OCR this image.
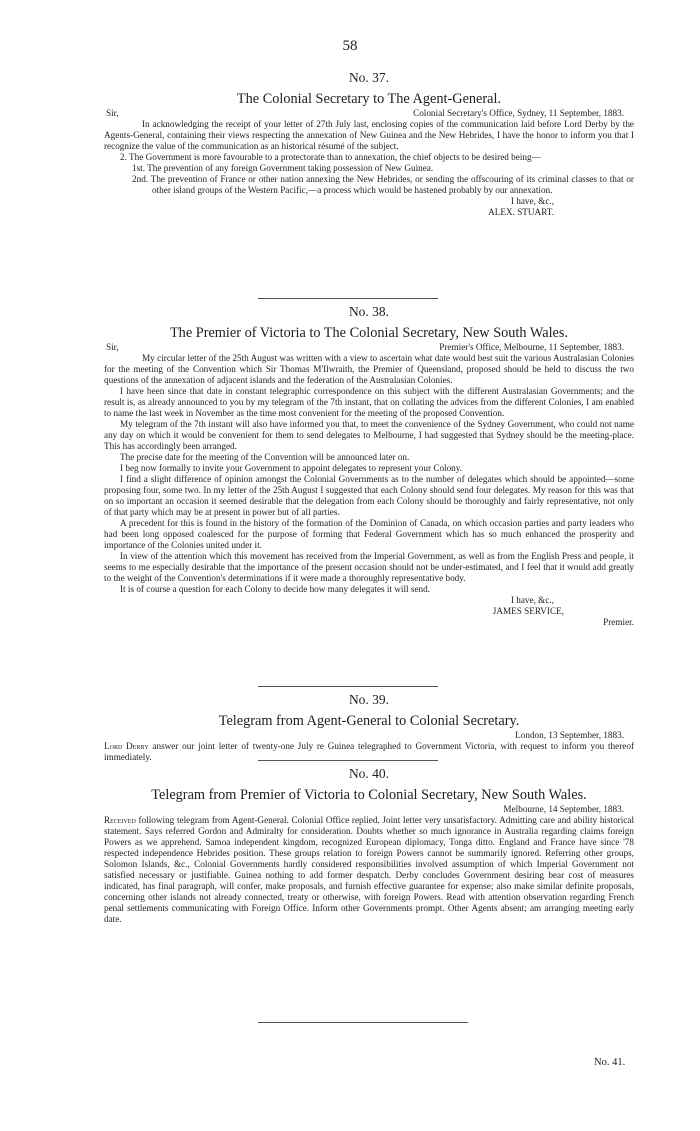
58
No. 37.
The Colonial Secretary to The Agent-General.
Sir,	Colonial Secretary's Office, Sydney, 11 September, 1883.

In acknowledging the receipt of your letter of 27th July last, enclosing copies of the communication laid before Lord Derby by the Agents-General, containing their views respecting the annexation of New Guinea and the New Hebrides, I have the honor to inform you that I recognize the value of the communication as an historical résumé of the subject.

2. The Government is more favourable to a protectorate than to annexation, the chief objects to be desired being—

1st. The prevention of any foreign Government taking possession of New Guinea.

2nd. The prevention of France or other nation annexing the New Hebrides, or sending the offscouring of its criminal classes to that or other island groups of the Western Pacific,—a process which would be hastened probably by our annexation.

I have, &c.,

ALEX. STUART.

No. 38.
The Premier of Victoria to The Colonial Secretary, New South Wales.
Sir,	Premier's Office, Melbourne, 11 September, 1883.

My circular letter of the 25th August was written with a view to ascertain what date would best suit the various Australasian Colonies for the meeting of the Convention which Sir Thomas M'Ilwraith, the Premier of Queensland, proposed should be held to discuss the two questions of the annexation of adjacent islands and the federation of the Australasian Colonies.

I have been since that date in constant telegraphic correspondence on this subject with the different Australasian Governments; and the result is, as already announced to you by my telegram of the 7th instant, that on collating the advices from the different Colonies, I am enabled to name the last week in November as the time most convenient for the meeting of the proposed Convention.

My telegram of the 7th instant will also have informed you that, to meet the convenience of the Sydney Government, who could not name any day on which it would be convenient for them to send delegates to Melbourne, I had suggested that Sydney should be the meeting-place. This has accordingly been arranged.

The precise date for the meeting of the Convention will be announced later on.

I beg now formally to invite your Government to appoint delegates to represent your Colony.

I find a slight difference of opinion amongst the Colonial Governments as to the number of delegates which should be appointed—some proposing four, some two. In my letter of the 25th August I suggested that each Colony should send four delegates. My reason for this was that on so important an occasion it seemed desirable that the delegation from each Colony should be thoroughly and fairly representative, not only of that party which may be at present in power but of all parties.

A precedent for this is found in the history of the formation of the Dominion of Canada, on which occasion parties and party leaders who had been long opposed coalesced for the purpose of forming that Federal Government which has so much enhanced the prosperity and importance of the Colonies united under it.

In view of the attention which this movement has received from the Imperial Government, as well as from the English Press and people, it seems to me especially desirable that the importance of the present occasion should not be under-estimated, and I feel that it would add greatly to the weight of the Convention's determinations if it were made a thoroughly representative body.

It is of course a question for each Colony to decide how many delegates it will send.

I have, &c.,

JAMES SERVICE,

Premier.

No. 39.
Telegram from Agent-General to Colonial Secretary.
London, 13 September, 1883.

Lord Derby answer our joint letter of twenty-one July re Guinea telegraphed to Government Victoria, with request to inform you thereof immediately.

No. 40.
Telegram from Premier of Victoria to Colonial Secretary, New South Wales.
Melbourne, 14 September, 1883.

Received following telegram from Agent-General. Colonial Office replied. Joint letter very unsatisfactory. Admitting care and ability historical statement. Says referred Gordon and Admiralty for consideration. Doubts whether so much ignorance in Australia regarding claims foreign Powers as we apprehend. Samoa independent kingdom, recognized European diplomacy, Tonga ditto. England and France have since '78 respected independence Hebrides position. These groups relation to foreign Powers cannot be summarily ignored. Referring other groups, Solomon Islands, &c., Colonial Governments hardly considered responsibilities involved assumption of which Imperial Government not satisfied necessary or justifiable. Guinea nothing to add former despatch. Derby concludes Government desiring bear cost of measures indicated, has final paragraph, will confer, make proposals, and furnish effective guarantee for expense; also make similar definite proposals, concerning other islands not already connected, treaty or otherwise, with foreign Powers. Read with attention observation regarding French penal settlements communicating with Foreign Office. Inform other Governments prompt. Other Agents absent; am arranging meeting early date.

No. 41.
